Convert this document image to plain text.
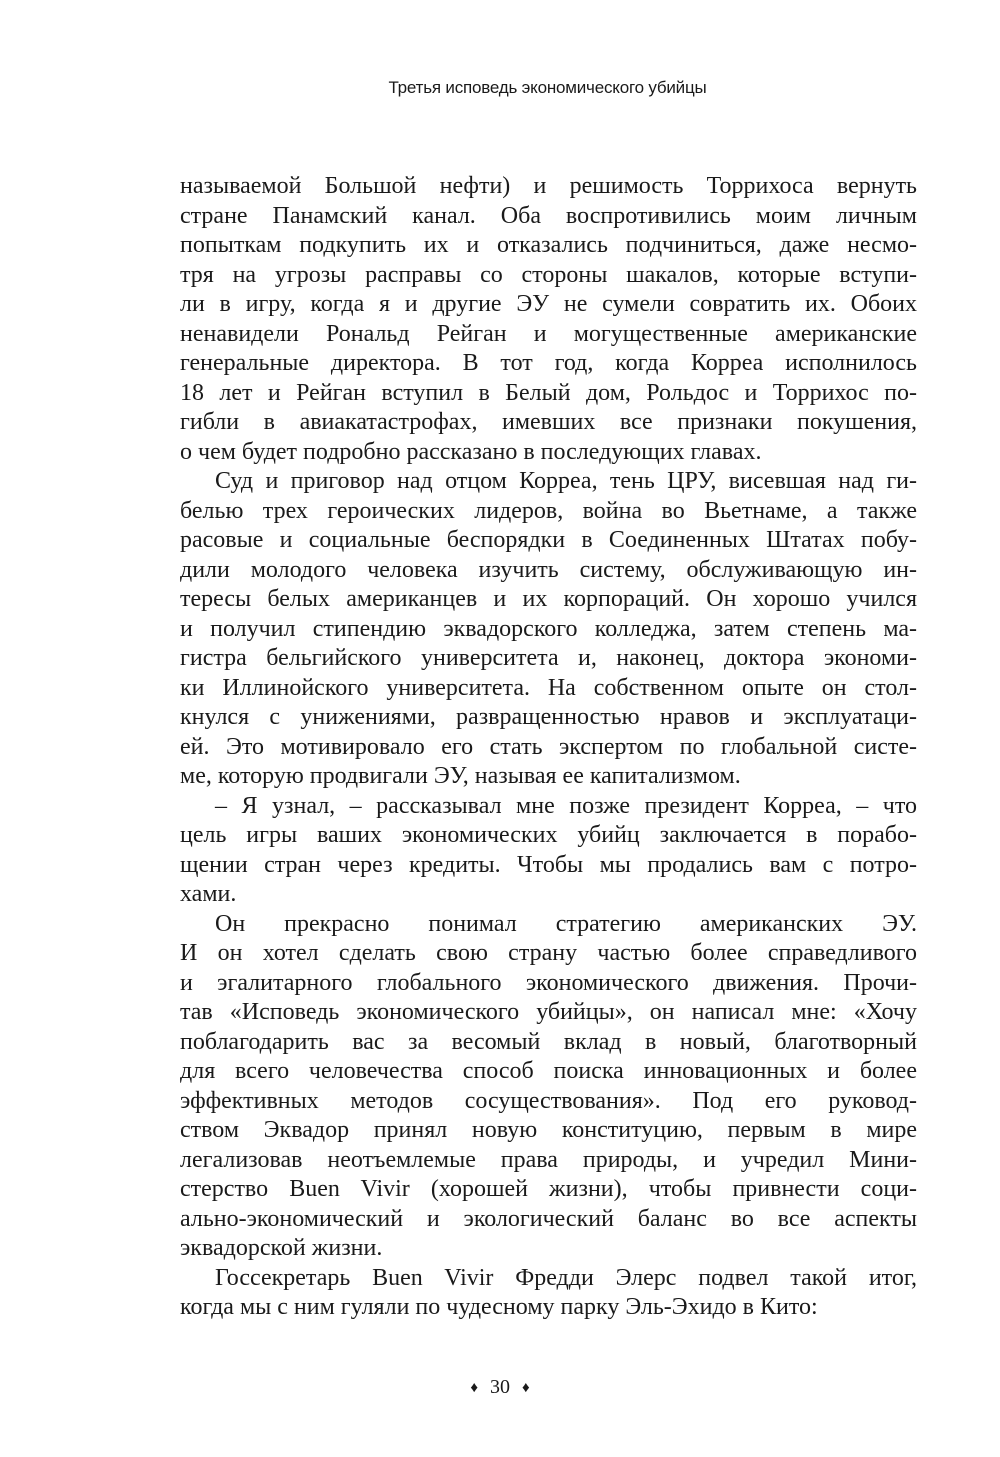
Третья исповедь экономического убийцы
называемой Большой нефти) и решимость Торрихоса вернуть
стране Панамский канал. Оба воспротивились моим личным
попыткам подкупить их и отказались подчиниться, даже несмо-
тря на угрозы расправы со стороны шакалов, которые вступи-
ли в игру, когда я и другие ЭУ не сумели совратить их. Обоих
ненавидели Рональд Рейган и могущественные американские
генеральные директора. В тот год, когда Корреа исполнилось
18 лет и Рейган вступил в Белый дом, Рольдос и Торрихос по-
гибли в авиакатастрофах, имевших все признаки покушения,
о чем будет подробно рассказано в последующих главах.
Суд и приговор над отцом Корреа, тень ЦРУ, висевшая над ги-
белью трех героических лидеров, война во Вьетнаме, а также
расовые и социальные беспорядки в Соединенных Штатах побу-
дили молодого человека изучить систему, обслуживающую ин-
тересы белых американцев и их корпораций. Он хорошо учился
и получил стипендию эквадорского колледжа, затем степень ма-
гистра бельгийского университета и, наконец, доктора экономи-
ки Иллинойского университета. На собственном опыте он стол-
кнулся с унижениями, развращенностью нравов и эксплуатаци-
ей. Это мотивировало его стать экспертом по глобальной систе-
ме, которую продвигали ЭУ, называя ее капитализмом.
– Я узнал, – рассказывал мне позже президент Корреа, – что
цель игры ваших экономических убийц заключается в порабо-
щении стран через кредиты. Чтобы мы продались вам с потро-
хами.
Он прекрасно понимал стратегию американских ЭУ.
И он хотел сделать свою страну частью более справедливого
и эгалитарного глобального экономического движения. Прочи-
тав «Исповедь экономического убийцы», он написал мне: «Хочу
поблагодарить вас за весомый вклад в новый, благотворный
для всего человечества способ поиска инновационных и более
эффективных методов сосуществования». Под его руковод-
ством Эквадор принял новую конституцию, первым в мире
легализовав неотъемлемые права природы, и учредил Мини-
стерство Buen Vivir (хорошей жизни), чтобы привнести соци-
ально-экономический и экологический баланс во все аспекты
эквадорской жизни.
Госсекретарь Buen Vivir Фредди Элерс подвел такой итог,
когда мы с ним гуляли по чудесному парку Эль-Эхидо в Кито:
♦ 30 ♦
